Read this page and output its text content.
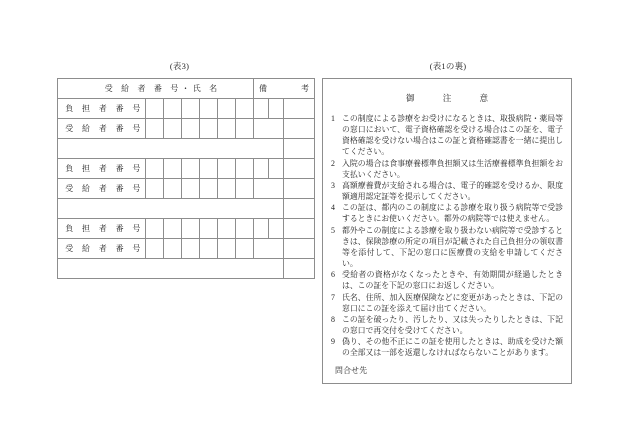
(表3)
受 給 者 番 号・氏 名							備 考		

負 担 者 番 号									
受 給 者 番 号									

負 担 者 番 号									
受 給 者 番 号									

負 担 者 番 号									
受 給 者 番 号									

(表1の裏)
御 注 意
1 この制度による診療をお受けになるときは、取扱病院・薬局等の窓口において、電子資格確認を受ける場合はこの証を、電子資格確認を受けない場合はこの証と資格確認書を一緒に提出してください。
2 入院の場合は食事療養標準負担額又は生活療養標準負担額をお支払いください。
3 高額療養費が支給される場合は、電子的確認を受けるか、限度額適用認定証等を提示してください。
4 この証は、都内のこの制度による診療を取り扱う病院等で受診するときにお使いください。都外の病院等では使えません。
5 都外やこの制度による診療を取り扱わない病院等で受診するときは、保険診療の所定の項目が記載された自己負担分の領収書等を添付して、下記の窓口に医療費の支給を申請してください。
6 受給者の資格がなくなったときや、有効期間が経過したときは、この証を下記の窓口にお返しください。
7 氏名、住所、加入医療保険などに変更があったときは、下記の窓口にこの証を添えて届け出てください。
8 この証を破ったり、汚したり、又は失ったりしたときは、下記の窓口で再交付を受けてください。
9 偽り、その他不正にこの証を使用したときは、助成を受けた額の全部又は一部を返還しなければならないことがあります。
問合せ先
